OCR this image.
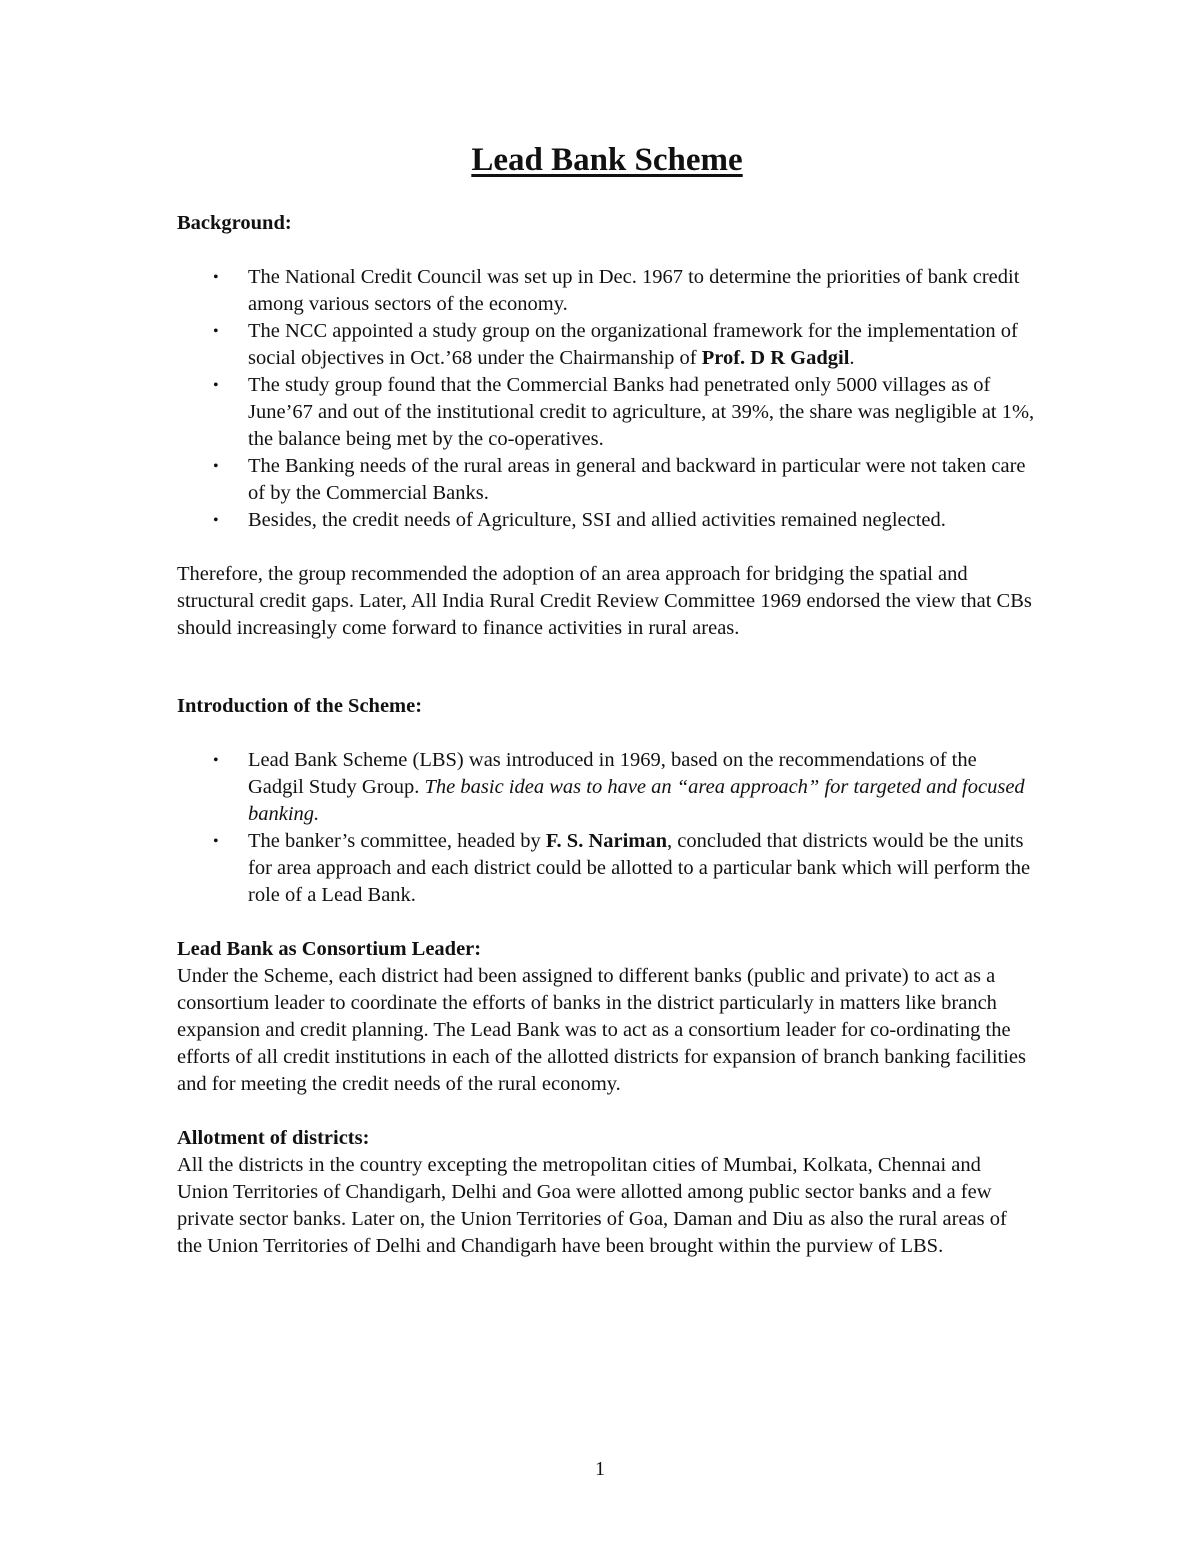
Lead Bank Scheme

Background:

• The National Credit Council was set up in Dec. 1967 to determine the priorities of bank credit among various sectors of the economy.
• The NCC appointed a study group on the organizational framework for the implementation of social objectives in Oct.’68 under the Chairmanship of Prof. D R Gadgil.
• The study group found that the Commercial Banks had penetrated only 5000 villages as of June’67 and out of the institutional credit to agriculture, at 39%, the share was negligible at 1%, the balance being met by the co-operatives.
• The Banking needs of the rural areas in general and backward in particular were not taken care of by the Commercial Banks.
• Besides, the credit needs of Agriculture, SSI and allied activities remained neglected.

Therefore, the group recommended the adoption of an area approach for bridging the spatial and structural credit gaps. Later, All India Rural Credit Review Committee 1969 endorsed the view that CBs should increasingly come forward to finance activities in rural areas.

Introduction of the Scheme:

• Lead Bank Scheme (LBS) was introduced in 1969, based on the recommendations of the Gadgil Study Group. The basic idea was to have an “area approach” for targeted and focused banking.
• The banker’s committee, headed by F. S. Nariman, concluded that districts would be the units for area approach and each district could be allotted to a particular bank which will perform the role of a Lead Bank.

Lead Bank as Consortium Leader:

Under the Scheme, each district had been assigned to different banks (public and private) to act as a consortium leader to coordinate the efforts of banks in the district particularly in matters like branch expansion and credit planning. The Lead Bank was to act as a consortium leader for co-ordinating the efforts of all credit institutions in each of the allotted districts for expansion of branch banking facilities and for meeting the credit needs of the rural economy.

Allotment of districts:

All the districts in the country excepting the metropolitan cities of Mumbai, Kolkata, Chennai and Union Territories of Chandigarh, Delhi and Goa were allotted among public sector banks and a few private sector banks. Later on, the Union Territories of Goa, Daman and Diu as also the rural areas of the Union Territories of Delhi and Chandigarh have been brought within the purview of LBS.

1
